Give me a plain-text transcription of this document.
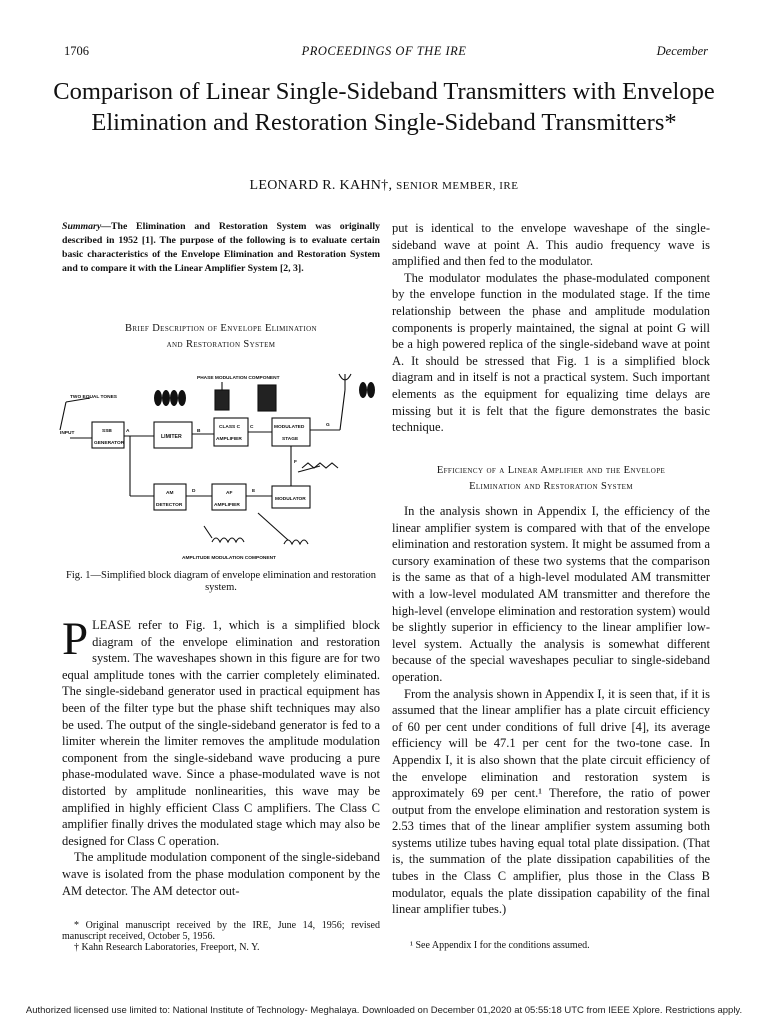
1706	PROCEEDINGS OF THE IRE	December
Comparison of Linear Single-Sideband Transmitters with Envelope Elimination and Restoration Single-Sideband Transmitters*
LEONARD R. KAHN†, SENIOR MEMBER, IRE
Summary—The Elimination and Restoration System was originally described in 1952 [1]. The purpose of the following is to evaluate certain basic characteristics of the Envelope Elimination and Restoration System and to compare it with the Linear Amplifier System [2, 3].
Brief Description of Envelope Elimination
and Restoration System
PHASE MODULATION COMPONENT
TWO EQUAL TONES
INPUT	SSB
GENERATOR
A
LIMITER
B
CLASS C
AMPLIFIER
C	MODULATED
STAGE
G
F
AM
DETECTOR
D	AF
AMPLIFIER
E
MODULATOR
AMPLITUDE MODULATION COMPONENT
Fig. 1—Simplified block diagram of envelope elimination and restoration system.

PLEASE refer to Fig. 1, which is a simplified block diagram of the envelope elimination and restoration system. The waveshapes shown in this figure are for two equal amplitude tones with the carrier completely eliminated. The single-sideband generator used in practical equipment has been of the filter type but the phase shift techniques may also be used. The output of the single-sideband generator is fed to a limiter wherein the limiter removes the amplitude modulation component from the single-sideband wave producing a pure phase-modulated wave. Since a phase-modulated wave is not distorted by amplitude nonlinearities, this wave may be amplified in highly efficient Class C amplifiers. The Class C amplifier finally drives the modulated stage which may also be designed for Class C operation.

The amplitude modulation component of the single-sideband wave is isolated from the phase modulation component by the AM detector. The AM detector out-

put is identical to the envelope waveshape of the single-sideband wave at point A. This audio frequency wave is amplified and then fed to the modulator.

The modulator modulates the phase-modulated component by the envelope function in the modulated stage. If the time relationship between the phase and amplitude modulation components is properly maintained, the signal at point G will be a high powered replica of the single-sideband wave at point A. It should be stressed that Fig. 1 is a simplified block diagram and in itself is not a practical system. Such important elements as the equipment for equalizing time delays are missing but it is felt that the figure demonstrates the basic technique.

Efficiency of a Linear Amplifier and the Envelope
Elimination and Restoration System

In the analysis shown in Appendix I, the efficiency of the linear amplifier system is compared with that of the envelope elimination and restoration system. It might be assumed from a cursory examination of these two systems that the comparison is the same as that of a high-level modulated AM transmitter with a low-level modulated AM transmitter and therefore the high-level (envelope elimination and restoration system) would be slightly superior in efficiency to the linear amplifier low-level system. Actually the analysis is somewhat different because of the special waveshapes peculiar to single-sideband operation.

From the analysis shown in Appendix I, it is seen that, if it is assumed that the linear amplifier has a plate circuit efficiency of 60 per cent under conditions of full drive [4], its average efficiency will be 47.1 per cent for the two-tone case. In Appendix I, it is also shown that the plate circuit efficiency of the envelope elimination and restoration system is approximately 69 per cent.¹ Therefore, the ratio of power output from the envelope elimination and restoration system is 2.53 times that of the linear amplifier system assuming both systems utilize tubes having equal total plate dissipation. (That is, the summation of the plate dissipation capabilities of the tubes in the Class C amplifier, plus those in the Class B modulator, equals the plate dissipation capability of the final linear amplifier tubes.)

* Original manuscript received by the IRE, June 14, 1956; revised manuscript received, October 5, 1956.
† Kahn Research Laboratories, Freeport, N. Y.	¹ See Appendix I for the conditions assumed.
Authorized licensed use limited to: National Institute of Technology- Meghalaya. Downloaded on December 01,2020 at 05:55:18 UTC from IEEE Xplore. Restrictions apply.
